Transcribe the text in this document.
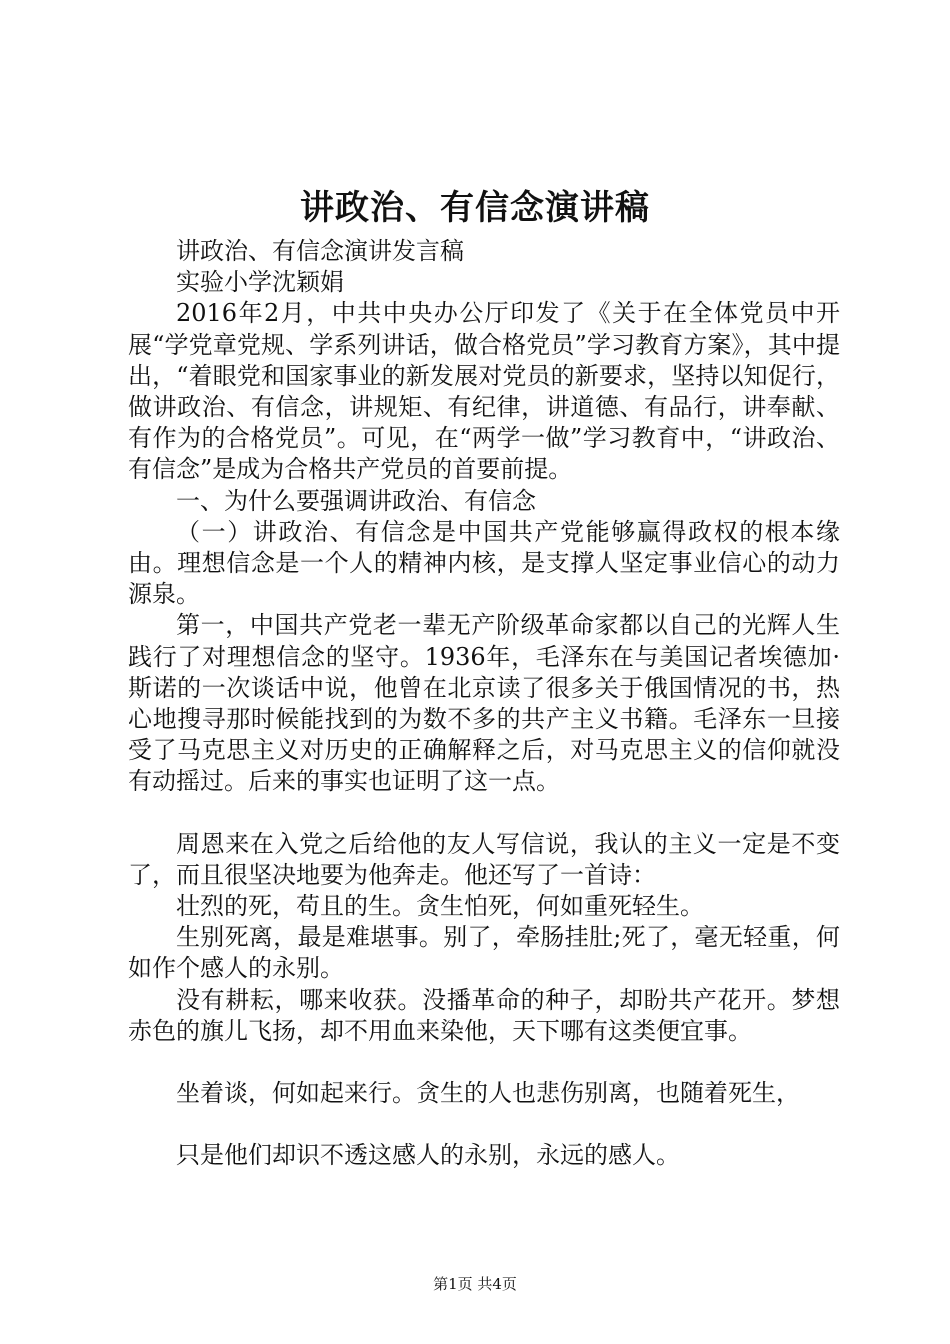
讲政治、有信念演讲稿

讲政治、有信念演讲发言稿

实验小学沈颖娟

2016年2月，中共中央办公厅印发了《关于在全体党员中开展“学党章党规、学系列讲话，做合格党员”学习教育方案》，其中提出，“着眼党和国家事业的新发展对党员的新要求，坚持以知促行，做讲政治、有信念，讲规矩、有纪律，讲道德、有品行，讲奉献、有作为的合格党员”。可见，在“两学一做”学习教育中，“讲政治、有信念”是成为合格共产党员的首要前提。

一、为什么要强调讲政治、有信念

（一）讲政治、有信念是中国共产党能够赢得政权的根本缘由。理想信念是一个人的精神内核，是支撑人坚定事业信心的动力源泉。

第一，中国共产党老一辈无产阶级革命家都以自己的光辉人生践行了对理想信念的坚守。1936年，毛泽东在与美国记者埃德加·斯诺的一次谈话中说，他曾在北京读了很多关于俄国情况的书，热心地搜寻那时候能找到的为数不多的共产主义书籍。毛泽东一旦接受了马克思主义对历史的正确解释之后，对马克思主义的信仰就没有动摇过。后来的事实也证明了这一点。

周恩来在入党之后给他的友人写信说，我认的主义一定是不变了，而且很坚决地要为他奔走。他还写了一首诗：

壮烈的死，苟且的生。贪生怕死，何如重死轻生。

生别死离，最是难堪事。别了，牵肠挂肚;死了，毫无轻重，何如作个感人的永别。

没有耕耘，哪来收获。没播革命的种子，却盼共产花开。梦想赤色的旗儿飞扬，却不用血来染他，天下哪有这类便宜事。

坐着谈，何如起来行。贪生的人也悲伤别离，也随着死生，

只是他们却识不透这感人的永别，永远的感人。

第1页 共4页
